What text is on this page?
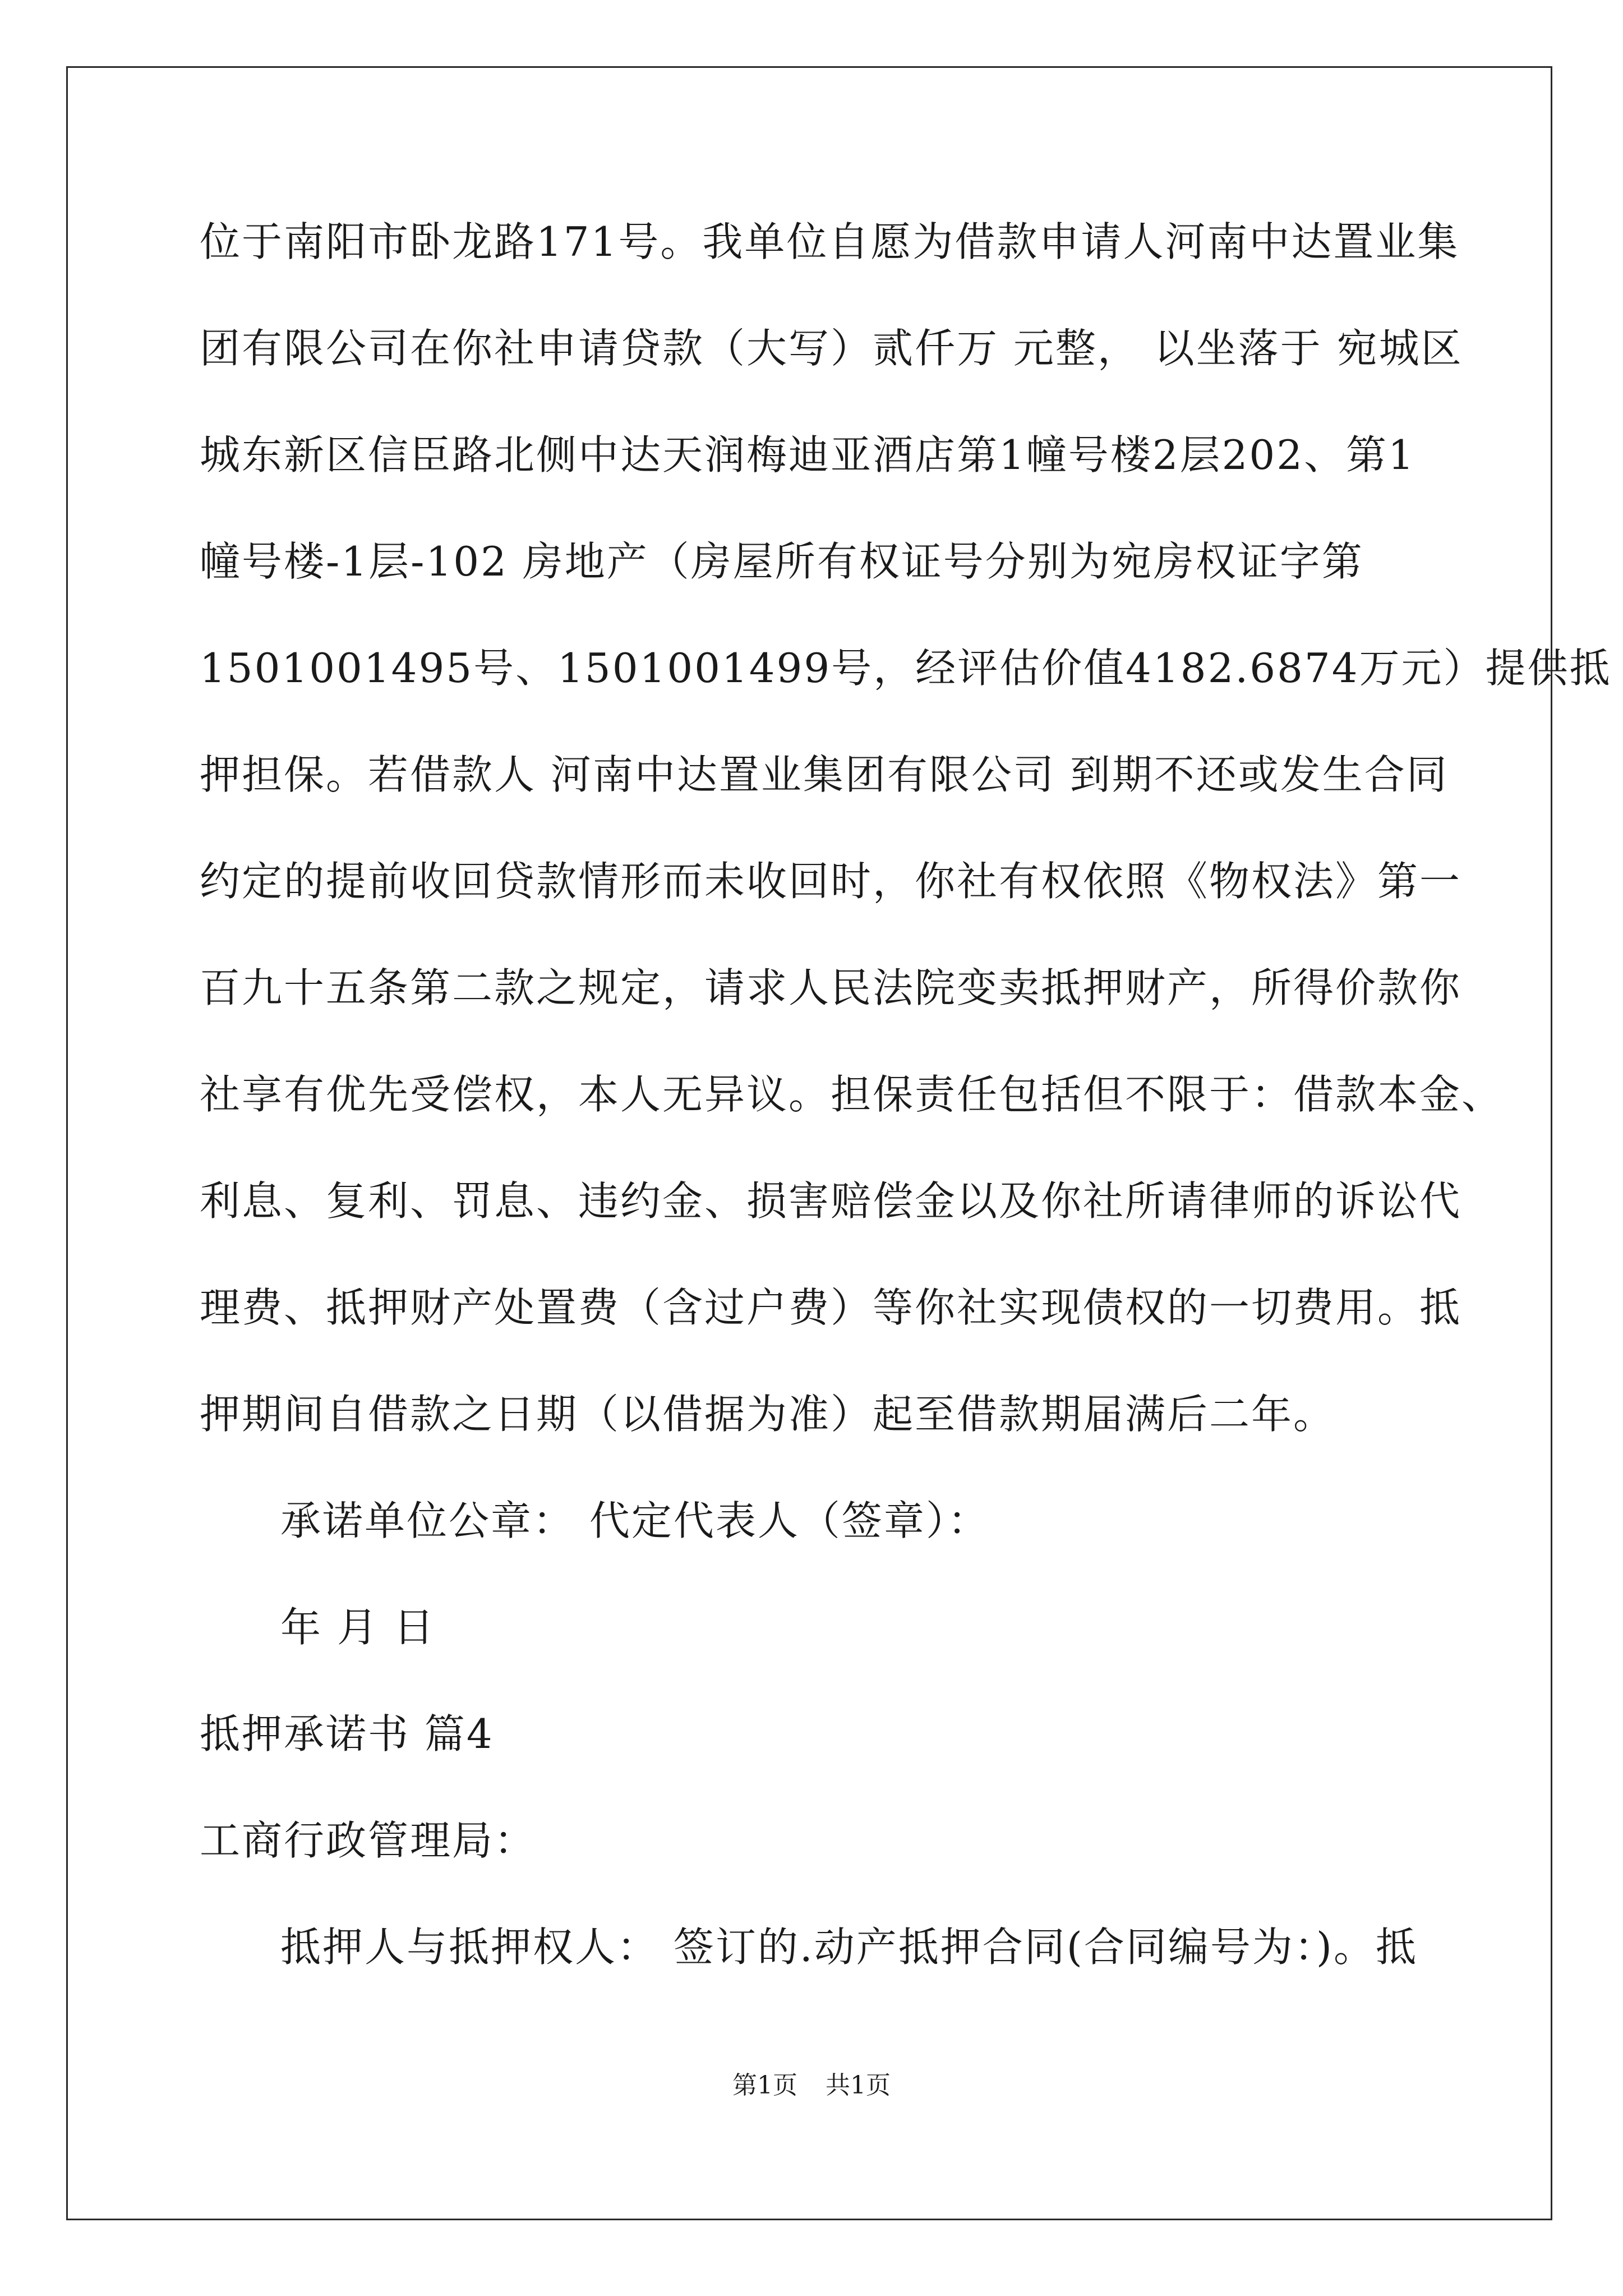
位于南阳市卧龙路171号。我单位自愿为借款申请人河南中达置业集
团有限公司在你社申请贷款（大写）贰仟万 元整， 以坐落于 宛城区
城东新区信臣路北侧中达天润梅迪亚酒店第1幢号楼2层202、第1
幢号楼-1层-102 房地产（房屋所有权证号分别为宛房权证字第
1501001495号、1501001499号，经评估价值4182.6874万元）提供抵
押担保。若借款人 河南中达置业集团有限公司 到期不还或发生合同
约定的提前收回贷款情形而未收回时，你社有权依照《物权法》第一
百九十五条第二款之规定，请求人民法院变卖抵押财产，所得价款你
社享有优先受偿权，本人无异议。担保责任包括但不限于：借款本金、
利息、复利、罚息、违约金、损害赔偿金以及你社所请律师的诉讼代
理费、抵押财产处置费（含过户费）等你社实现债权的一切费用。抵
押期间自借款之日期（以借据为准）起至借款期届满后二年。
承诺单位公章： 代定代表人（签章）：
年 月 日
抵押承诺书 篇4
工商行政管理局：
抵押人与抵押权人： 签订的.动产抵押合同(合同编号为：)。抵
第1页 共1页
